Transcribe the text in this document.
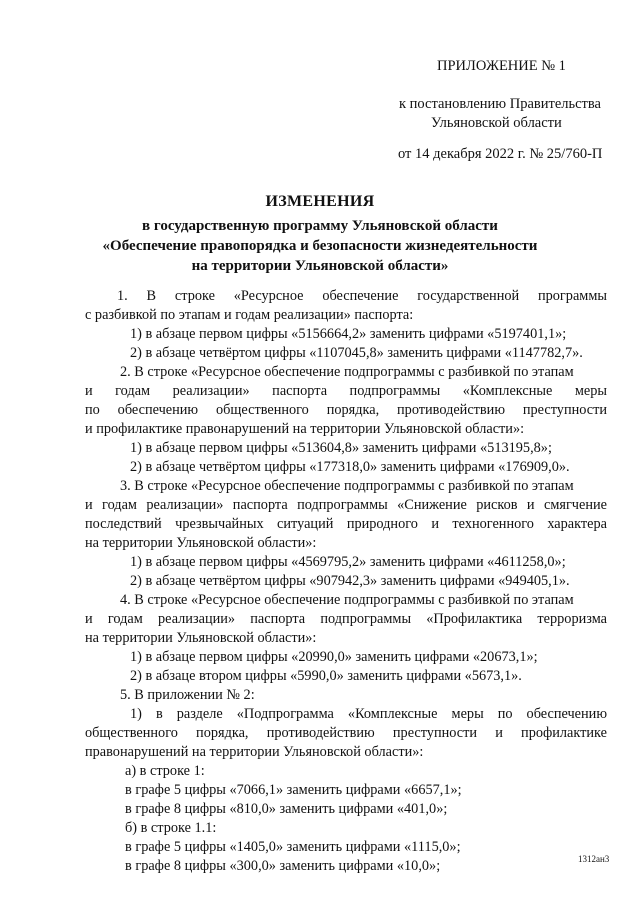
ПРИЛОЖЕНИЕ № 1
к постановлению Правительства
Ульяновской области
от 14 декабря 2022 г. № 25/760-П
ИЗМЕНЕНИЯ
в государственную программу Ульяновской области
«Обеспечение правопорядка и безопасности жизнедеятельности
на территории Ульяновской области»
1. В строке «Ресурсное обеспечение государственной программы
с разбивкой по этапам и годам реализации» паспорта:
1) в абзаце первом цифры «5156664,2» заменить цифрами «5197401,1»;
2) в абзаце четвёртом цифры «1107045,8» заменить цифрами «1147782,7».
2. В строке «Ресурсное обеспечение подпрограммы с разбивкой по этапам
и годам реализации» паспорта подпрограммы «Комплексные меры
по обеспечению общественного порядка, противодействию преступности
и профилактике правонарушений на территории Ульяновской области»:
1) в абзаце первом цифры «513604,8» заменить цифрами «513195,8»;
2) в абзаце четвёртом цифры «177318,0» заменить цифрами «176909,0».
3. В строке «Ресурсное обеспечение подпрограммы с разбивкой по этапам
и годам реализации» паспорта подпрограммы «Снижение рисков и смягчение
последствий чрезвычайных ситуаций природного и техногенного характера
на территории Ульяновской области»:
1) в абзаце первом цифры «4569795,2» заменить цифрами «4611258,0»;
2) в абзаце четвёртом цифры «907942,3» заменить цифрами «949405,1».
4. В строке «Ресурсное обеспечение подпрограммы с разбивкой по этапам
и годам реализации» паспорта подпрограммы «Профилактика терроризма
на территории Ульяновской области»:
1) в абзаце первом цифры «20990,0» заменить цифрами «20673,1»;
2) в абзаце втором цифры «5990,0» заменить цифрами «5673,1».
5. В приложении № 2:
1) в разделе «Подпрограмма «Комплексные меры по обеспечению
общественного порядка, противодействию преступности и профилактике
правонарушений на территории Ульяновской области»:
а) в строке 1:
в графе 5 цифры «7066,1» заменить цифрами «6657,1»;
в графе 8 цифры «810,0» заменить цифрами «401,0»;
б) в строке 1.1:
в графе 5 цифры «1405,0» заменить цифрами «1115,0»;
в графе 8 цифры «300,0» заменить цифрами «10,0»;	1312ан3
